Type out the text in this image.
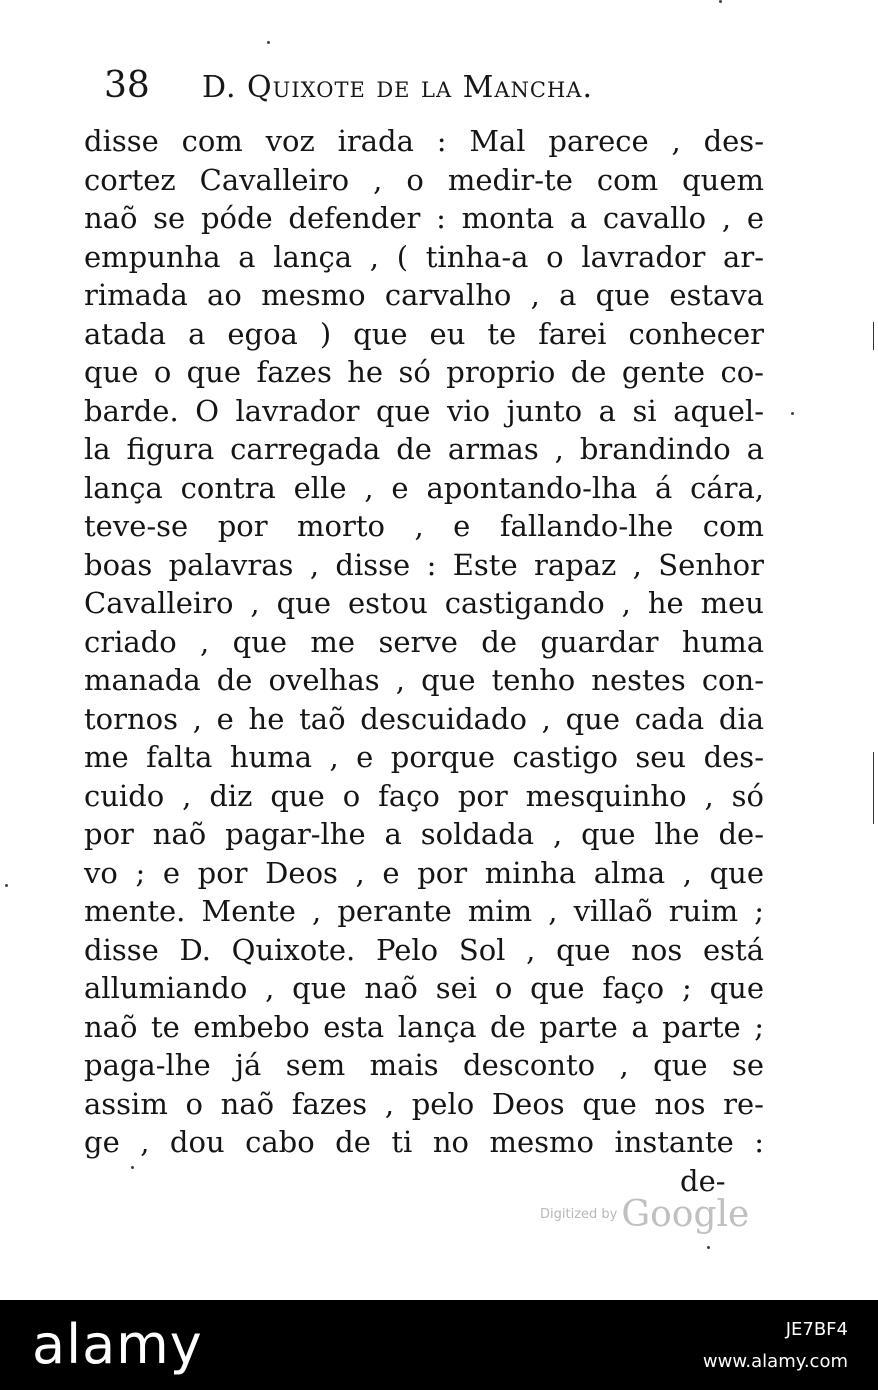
38 D. Quixote de la Mancha.
disse com voz irada : Mal parece , des-
cortez Cavalleiro , o medir-te com quem
naõ se póde defender : monta a cavallo , e
empunha a lança , ( tinha-a o lavrador ar-
rimada ao mesmo carvalho , a que estava
atada a egoa ) que eu te farei conhecer
que o que fazes he só proprio de gente co-
barde. O lavrador que vio junto a si aquel-
la figura carregada de armas , brandindo a
lança contra elle , e apontando-lha á cára,
teve-se por morto , e fallando-lhe com
boas palavras , disse : Este rapaz , Senhor
Cavalleiro , que estou castigando , he meu
criado , que me serve de guardar huma
manada de ovelhas , que tenho nestes con-
tornos , e he taõ descuidado , que cada dia
me falta huma , e porque castigo seu des-
cuido , diz que o faço por mesquinho , só
por naõ pagar-lhe a soldada , que lhe de-
vo ; e por Deos , e por minha alma , que
mente. Mente , perante mim , villaõ ruim ;
disse D. Quixote. Pelo Sol , que nos está
allumiando , que naõ sei o que faço ; que
naõ te embebo esta lança de parte a parte ;
paga-lhe já sem mais desconto , que se
assim o naõ fazes , pelo Deos que nos re-
ge , dou cabo de ti no mesmo instante :
de-
Digitized by Google
alamy	JE7BF4
www.alamy.com
